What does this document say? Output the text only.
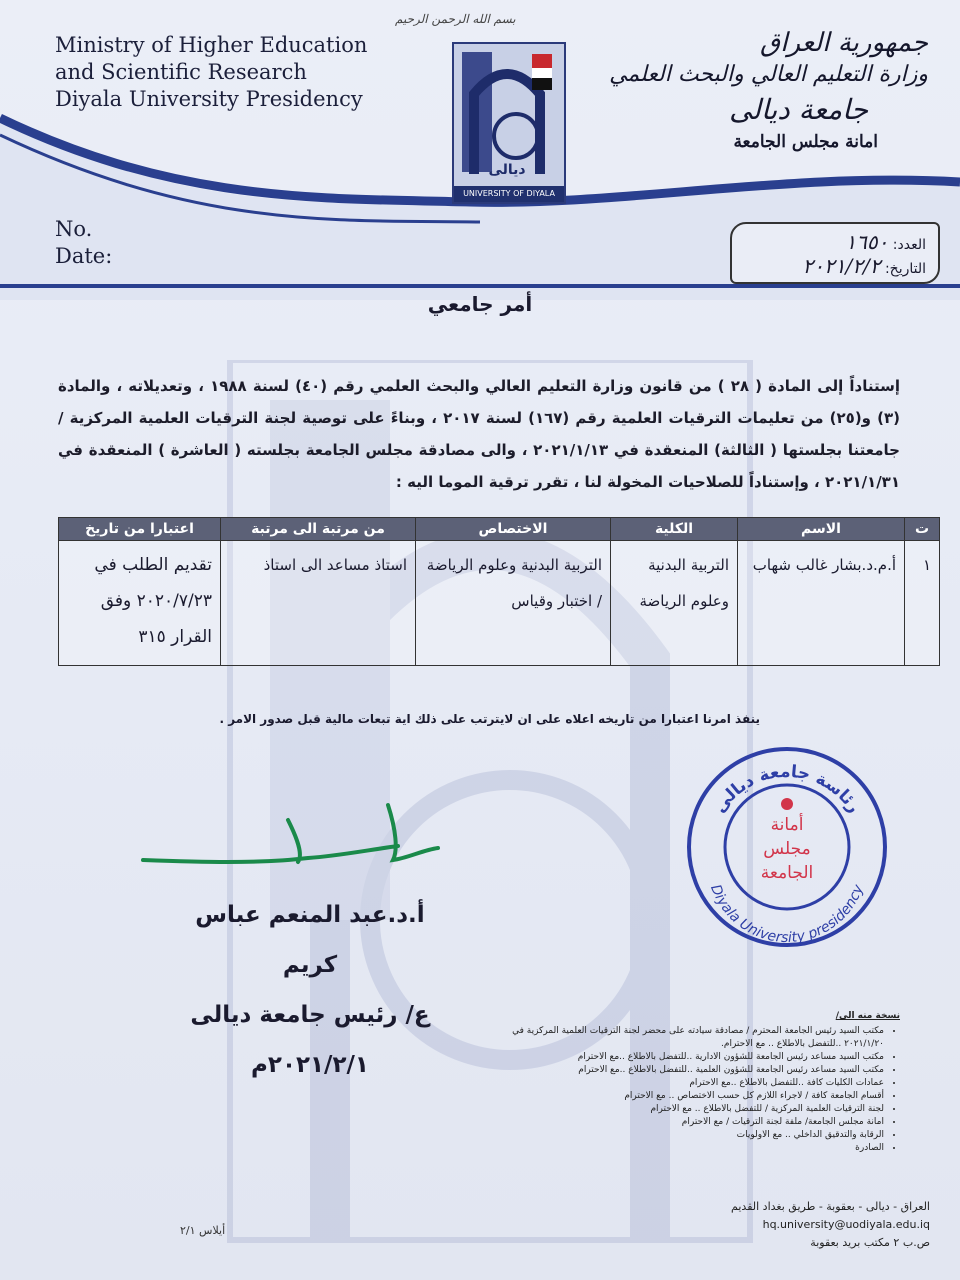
بسم الله الرحمن الرحيم
Ministry of Higher Education
and Scientific Research
Diyala University Presidency
ديالى
UNIVERSITY OF DIYALA
جمهورية العراق
وزارة التعليم العالي والبحث العلمي
جامعة ديالى
امانة مجلس الجامعة
No.
Date:	العدد: ١٦٥٠
التاريخ: ٢٠٢١/٢/٢
أمر جامعي
إستناداً إلى المادة ( ٢٨ ) من قانون وزارة التعليم العالي والبحث العلمي رقم (٤٠) لسنة ١٩٨٨ ، وتعديلاته ، والمادة (٣) و(٢٥) من تعليمات الترقيات العلمية رقم (١٦٧) لسنة ٢٠١٧ ، وبناءً على توصية لجنة الترقيات العلمية المركزية / جامعتنا بجلستها ( الثالثة) المنعقدة في ٢٠٢١/١/١٣ ، والى مصادقة مجلس الجامعة بجلسته ( العاشرة ) المنعقدة في ٢٠٢١/١/٣١ ، وإستناداً للصلاحيات المخولة لنا ، تقرر ترقية الموما اليه :
ت	الاسم	الكلية	الاختصاص	من مرتبة الى مرتبة	اعتبارا من تاريخ
١	أ.م.د.بشار غالب شهاب	التربية البدنية وعلوم الرياضة	التربية البدنية وعلوم الرياضة / اختبار وقياس	استاذ مساعد الى استاذ	تقديم الطلب في ٢٠٢٠/٧/٢٣ وفق القرار ٣١٥
ينفذ امرنا اعتبارا من تاريخه اعلاه على ان لايترتب على ذلك اية تبعات مالية قبل صدور الامر .
رئاسة جامعة ديالى
Diyala University presidency
أمانة
مجلس
الجامعة
أ.د.عبد المنعم عباس كريم
ع/ رئيس جامعة ديالى
٢٠٢١/٢/١م
نسخة منه الى/
• مكتب السيد رئيس الجامعة المحترم / مصادقة سيادته على محضر لجنة الترقيات العلمية المركزية في ٢٠٢١/١/٢٠ ..للتفضل بالاطلاع .. مع الاحترام.
• مكتب السيد مساعد رئيس الجامعة للشؤون الادارية ..للتفضل بالاطلاع ..مع الاحترام
• مكتب السيد مساعد رئيس الجامعة للشؤون العلمية ..للتفضل بالاطلاع ..مع الاحترام
• عمادات الكليات كافة ..للتفضل بالاطلاع ..مع الاحترام
• أقسام الجامعة كافة / لاجراء اللازم كل حسب الاختصاص .. مع الاحترام
• لجنة الترقيات العلمية المركزية / للتفضل بالاطلاع .. مع الاحترام
• امانة مجلس الجامعة/ ملفة لجنة الترقيات / مع الاحترام
• الرقابة والتدقيق الداخلي .. مع الاولويات
• الصادرة
العراق - ديالى - بعقوبة - طريق بغداد القديم
hq.university@uodiyala.edu.iq
ص.ب ٢ مكتب بريد بعقوبة
أيلاس ٢/١
